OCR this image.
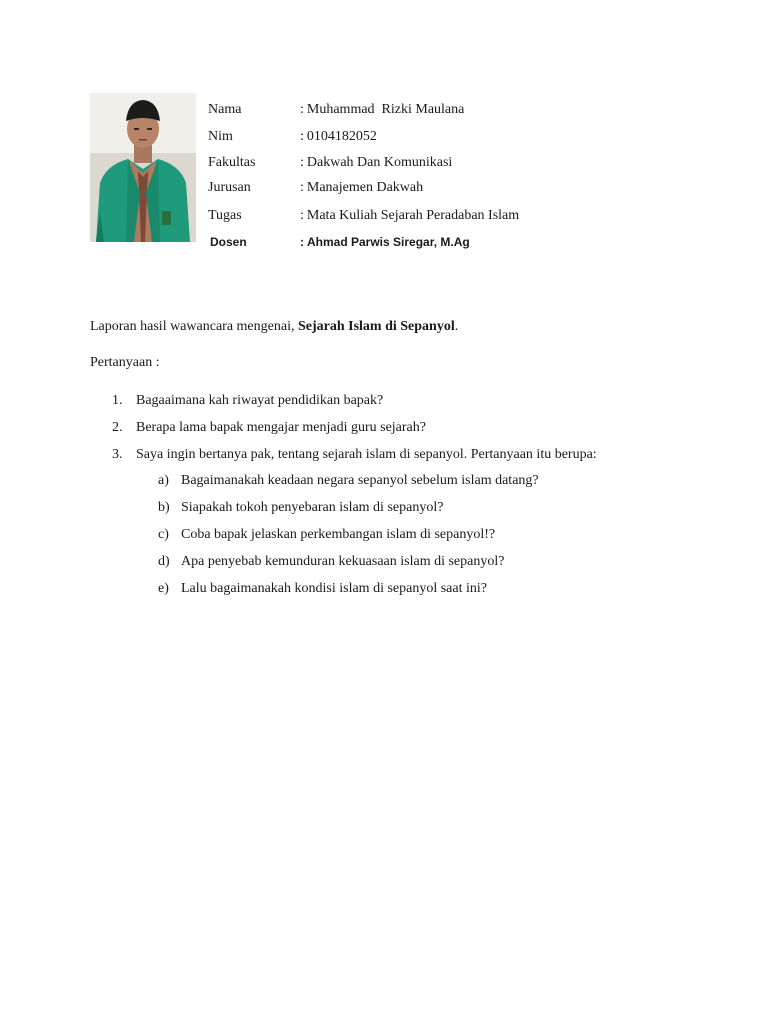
Nama	: Muhammad  Rizki Maulana
Nim	: 0104182052
Fakultas	: Dakwah Dan Komunikasi
Jurusan	: Manajemen Dakwah
Tugas	: Mata Kuliah Sejarah Peradaban Islam
Dosen	: Ahmad Parwis Siregar, M.Ag
Laporan hasil wawancara mengenai, Sejarah Islam di Sepanyol.
Pertanyaan :
1. Bagaaimana kah riwayat pendidikan bapak?
2. Berapa lama bapak mengajar menjadi guru sejarah?
3. Saya ingin bertanya pak, tentang sejarah islam di sepanyol. Pertanyaan itu berupa:
a) Bagaimanakah keadaan negara sepanyol sebelum islam datang?
b) Siapakah tokoh penyebaran islam di sepanyol?
c) Coba bapak jelaskan perkembangan islam di sepanyol!?
d) Apa penyebab kemunduran kekuasaan islam di sepanyol?
e) Lalu bagaimanakah kondisi islam di sepanyol saat ini?
